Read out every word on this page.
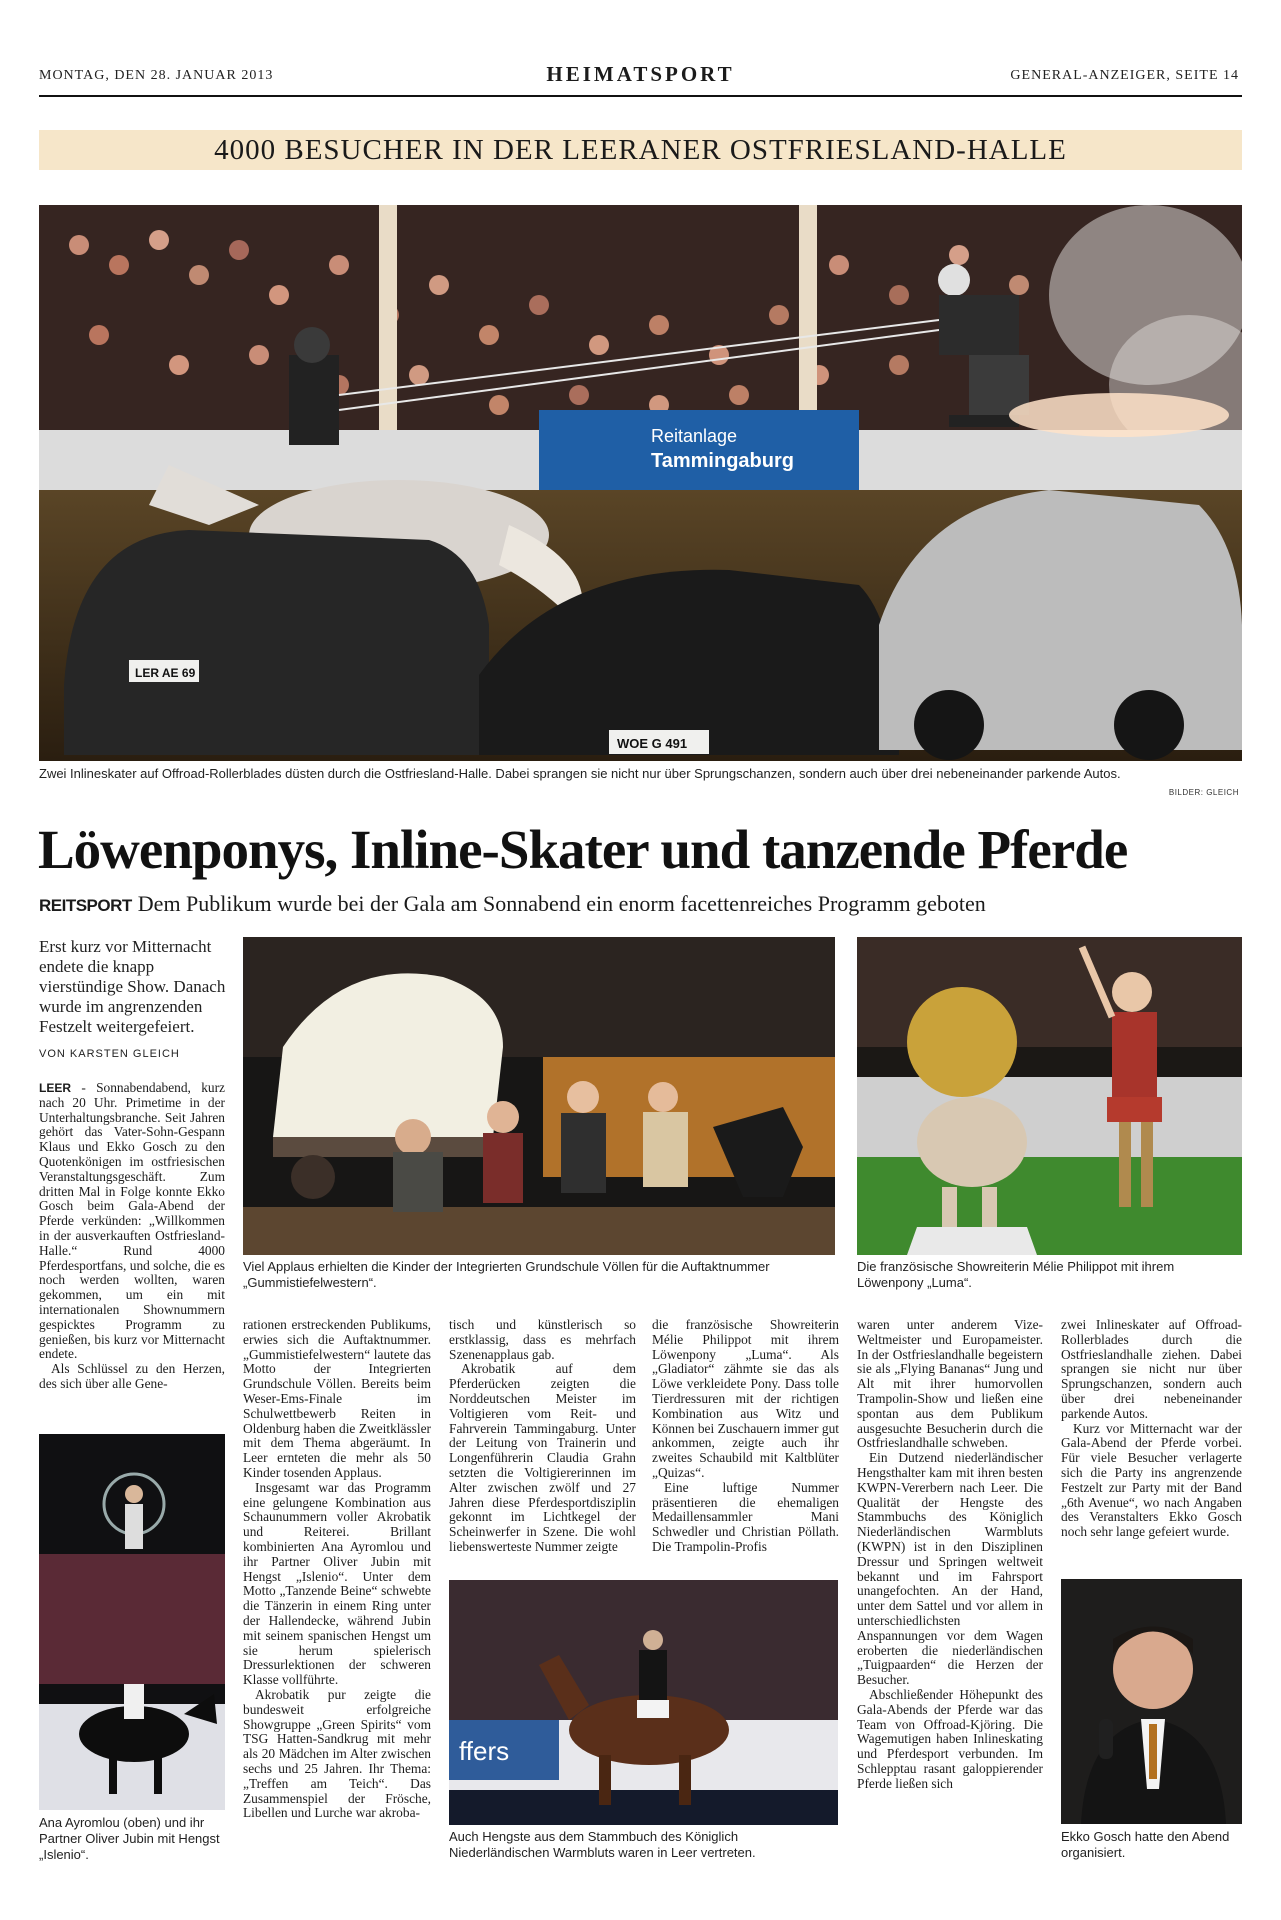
MONTAG, DEN 28. JANUAR 2013	HEIMATSPORT	GENERAL-ANZEIGER, SEITE 14
4000 BESUCHER IN DER LEERANER OSTFRIESLAND-HALLE
Reitanlage
Tammingaburg
LER AE 69
WOE G 491
Zwei Inlineskater auf Offroad-Rollerblades düsten durch die Ostfriesland-Halle. Dabei sprangen sie nicht nur über Sprungschanzen, sondern auch über drei nebeneinander parkende Autos.
BILDER: GLEICH
Löwenponys, Inline-Skater und tanzende Pferde
REITSPORT Dem Publikum wurde bei der Gala am Sonnabend ein enorm facettenreiches Programm geboten
Erst kurz vor Mitternacht endete die knapp vierstündige Show. Danach wurde im angrenzenden Festzelt weitergefeiert.
VON KARSTEN GLEICH
Viel Applaus erhielten die Kinder der Integrierten Grundschule Völlen für die Auftaktnummer „Gummistiefelwestern“.
Die französische Showreiterin Mélie Philippot mit ihrem Löwenpony „Luma“.

LEER - Sonnabendabend, kurz nach 20 Uhr. Primetime in der Unterhaltungsbranche. Seit Jahren gehört das Vater-Sohn-Gespann Klaus und Ekko Gosch zu den Quotenkönigen im ostfriesischen Veranstaltungsgeschäft. Zum dritten Mal in Folge konnte Ekko Gosch beim Gala-Abend der Pferde verkünden: „Willkommen in der ausverkauften Ostfriesland-Halle.“ Rund 4000 Pferdesportfans, und solche, die es noch werden wollten, waren gekommen, um ein mit internationalen Shownummern gespicktes Programm zu genießen, bis kurz vor Mitternacht endete.

Als Schlüssel zu den Herzen, des sich über alle Gene-

Ana Ayromlou (oben) und ihr Partner Oliver Jubin mit Hengst „Islenio“.

rationen erstreckenden Publikums, erwies sich die Auftaktnummer. „Gummistiefelwestern“ lautete das Motto der Integrierten Grundschule Völlen. Bereits beim Weser-Ems-Finale im Schulwettbewerb Reiten in Oldenburg haben die Zweitklässler mit dem Thema abgeräumt. In Leer ernteten die mehr als 50 Kinder tosenden Applaus.

Insgesamt war das Programm eine gelungene Kombination aus Schaunummern voller Akrobatik und Reiterei. Brillant kombinierten Ana Ayromlou und ihr Partner Oliver Jubin mit Hengst „Islenio“. Unter dem Motto „Tanzende Beine“ schwebte die Tänzerin in einem Ring unter der Hallendecke, während Jubin mit seinem spanischen Hengst um sie herum spielerisch Dressurlektionen der schweren Klasse vollführte.

Akrobatik pur zeigte die bundesweit erfolgreiche Showgruppe „Green Spirits“ vom TSG Hatten-Sandkrug mit mehr als 20 Mädchen im Alter zwischen sechs und 25 Jahren. Ihr Thema: „Treffen am Teich“. Das Zusammenspiel der Frösche, Libellen und Lurche war akroba-

tisch und künstlerisch so erstklassig, dass es mehrfach Szenenapplaus gab.

Akrobatik auf dem Pferderücken zeigten die Norddeutschen Meister im Voltigieren vom Reit- und Fahrverein Tammingaburg. Unter der Leitung von Trainerin und Longenführerin Claudia Grahn setzten die Voltigiererinnen im Alter zwischen zwölf und 27 Jahren diese Pferdesportdisziplin gekonnt im Lichtkegel der Scheinwerfer in Szene. Die wohl liebenswerteste Nummer zeigte

die französische Showreiterin Mélie Philippot mit ihrem Löwenpony „Luma“. Als „Gladiator“ zähmte sie das als Löwe verkleidete Pony. Dass tolle Tierdressuren mit der richtigen Kombination aus Witz und Können bei Zuschauern immer gut ankommen, zeigte auch ihr zweites Schaubild mit Kaltblüter „Quizas“.

Eine luftige Nummer präsentieren die ehemaligen Medaillensammler Mani Schwedler und Christian Pöllath. Die Trampolin-Profis

ffers
Auch Hengste aus dem Stammbuch des Königlich Niederländischen Warmbluts waren in Leer vertreten.

waren unter anderem Vize-Weltmeister und Europameister. In der Ostfrieslandhalle begeistern sie als „Flying Bananas“ Jung und Alt mit ihrer humorvollen Trampolin-Show und ließen eine spontan aus dem Publikum ausgesuchte Besucherin durch die Ostfrieslandhalle schweben.

Ein Dutzend niederländischer Hengsthalter kam mit ihren besten KWPN-Vererbern nach Leer. Die Qualität der Hengste des Stammbuchs des Königlich Niederländischen Warmbluts (KWPN) ist in den Disziplinen Dressur und Springen weltweit bekannt und im Fahrsport unangefochten. An der Hand, unter dem Sattel und vor allem in unterschiedlichsten Anspannungen vor dem Wagen eroberten die niederländischen „Tuigpaarden“ die Herzen der Besucher.

Abschließender Höhepunkt des Gala-Abends der Pferde war das Team von Offroad-Kjöring. Die Wagemutigen haben Inlineskating und Pferdesport verbunden. Im Schlepptau rasant galoppierender Pferde ließen sich

zwei Inlineskater auf Offroad-Rollerblades durch die Ostfrieslandhalle ziehen. Dabei sprangen sie nicht nur über Sprungschanzen, sondern auch über drei nebeneinander parkende Autos.

Kurz vor Mitternacht war der Gala-Abend der Pferde vorbei. Für viele Besucher verlagerte sich die Party ins angrenzende Festzelt zur Party mit der Band „6th Avenue“, wo nach Angaben des Veranstalters Ekko Gosch noch sehr lange gefeiert wurde.

Ekko Gosch hatte den Abend organisiert.
